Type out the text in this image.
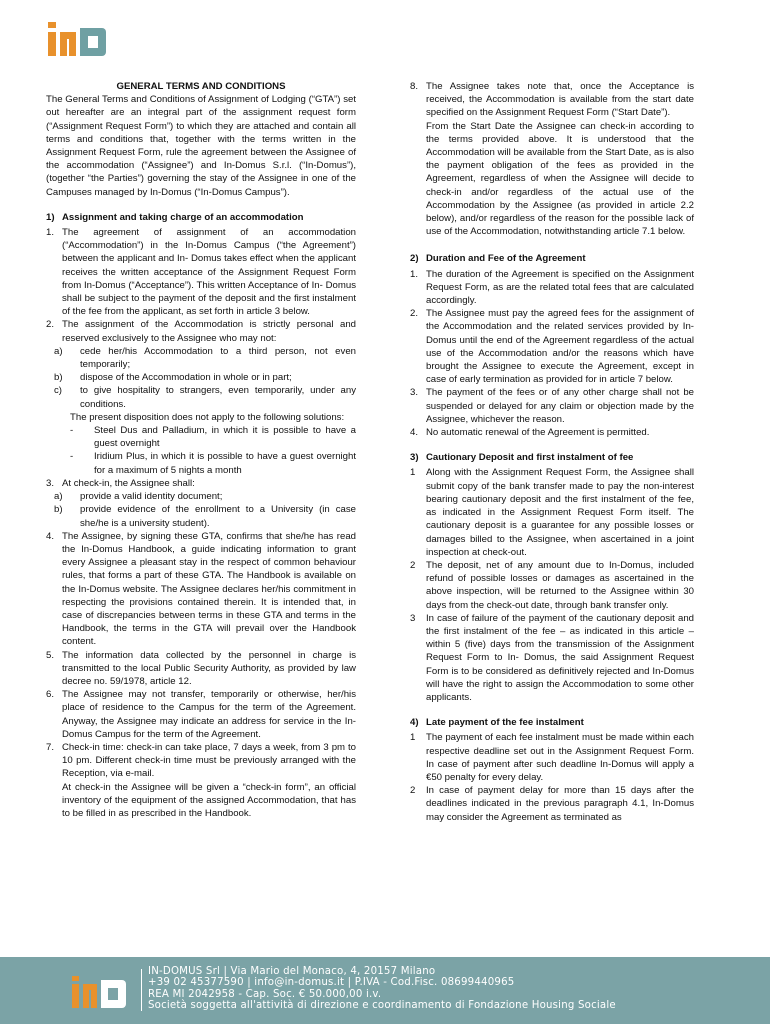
GENERAL TERMS AND CONDITIONS

The General Terms and Conditions of Assignment of Lodging (“GTA”) set out hereafter are an integral part of the assignment request form (“Assignment Request Form”) to which they are attached and contain all terms and conditions that, together with the terms written in the Assignment Request Form, rule the agreement between the Assignee of the accommodation (“Assignee”) and In-Domus S.r.l. (“In-Domus”), (together “the Parties”) governing the stay of the Assignee in one of the Campuses managed by In-Domus (“In-Domus Campus”).

1) Assignment and taking charge of an accommodation
1. The agreement of assignment of an accommodation (“Accommodation”) in the In-Domus Campus (“the Agreement”) between the applicant and In- Domus takes effect when the applicant receives the written acceptance of the Assignment Request Form from In-Domus (“Acceptance”). This written Acceptance of In- Domus shall be subject to the payment of the deposit and the first instalment of the fee from the applicant, as set forth in article 3 below.
2. The assignment of the Accommodation is strictly personal and reserved exclusively to the Assignee who may not:
a)	cede her/his Accommodation to a third person, not even temporarily;
b)	dispose of the Accommodation in whole or in part;
c)	to give hospitality to strangers, even temporarily, under any conditions.

The present disposition does not apply to the following solutions:

-	Steel Dus and Palladium, in which it is possible to have a guest overnight
-	Iridium Plus, in which it is possible to have a guest overnight for a maximum of 5 nights a month
3. At check-in, the Assignee shall:
a)	provide a valid identity document;
b)	provide evidence of the enrollment to a University (in case she/he is a university student).
4. The Assignee, by signing these GTA, confirms that she/he has read the In-Domus Handbook, a guide indicating information to grant every Assignee a pleasant stay in the respect of common behaviour rules, that forms a part of these GTA. The Handbook is available on the In-Domus website. The Assignee declares her/his commitment in respecting the provisions contained therein. It is intended that, in case of discrepancies between terms in these GTA and terms in the Handbook, the terms in the GTA will prevail over the Handbook content.
5. The information data collected by the personnel in charge is transmitted to the local Public Security Authority, as provided by law decree no. 59/1978, article 12.
6. The Assignee may not transfer, temporarily or otherwise, her/his place of residence to the Campus for the term of the Agreement. Anyway, the Assignee may indicate an address for service in the In-Domus Campus for the term of the Agreement.
7. Check-in time: check-in can take place, 7 days a week, from 3 pm to 10 pm. Different check-in time must be previously arranged with the Reception, via e-mail.
At check-in the Assignee will be given a “check-in form”, an official inventory of the equipment of the assigned Accommodation, that has to be filled in as prescribed in the Handbook.
8. The Assignee takes note that, once the Acceptance is received, the Accommodation is available from the start date specified on the Assignment Request Form (“Start Date”).
From the Start Date the Assignee can check-in according to the terms provided above. It is understood that the Accommodation will be available from the Start Date, as is also the payment obligation of the fees as provided in the Agreement, regardless of when the Assignee will decide to check-in and/or regardless of the actual use of the Accommodation by the Assignee (as provided in article 2.2 below), and/or regardless of the reason for the possible lack of use of the Accommodation, notwithstanding article 7.1 below.
2) Duration and Fee of the Agreement
1. The duration of the Agreement is specified on the Assignment Request Form, as are the related total fees that are calculated accordingly.
2. The Assignee must pay the agreed fees for the assignment of the Accommodation and the related services provided by In-Domus until the end of the Agreement regardless of the actual use of the Accommodation and/or the reasons which have brought the Assignee to execute the Agreement, except in case of early termination as provided for in article 7 below.
3. The payment of the fees or of any other charge shall not be suspended or delayed for any claim or objection made by the Assignee, whichever the reason.
4. No automatic renewal of the Agreement is permitted.
3) Cautionary Deposit and first instalment of fee
1	Along with the Assignment Request Form, the Assignee shall submit copy of the bank transfer made to pay the non-interest bearing cautionary deposit and the first instalment of the fee, as indicated in the Assignment Request Form itself. The cautionary deposit is a guarantee for any possible losses or damages billed to the Assignee, when ascertained in a joint inspection at check-out.
2	The deposit, net of any amount due to In-Domus, included refund of possible losses or damages as ascertained in the above inspection, will be returned to the Assignee within 30 days from the check-out date, through bank transfer only.
3	In case of failure of the payment of the cautionary deposit and the first instalment of the fee – as indicated in this article – within 5 (five) days from the transmission of the Assignment Request Form to In- Domus, the said Assignment Request Form is to be considered as definitively rejected and In-Domus will have the right to assign the Accommodation to some other applicants.
4) Late payment of the fee instalment
1	The payment of each fee instalment must be made within each respective deadline set out in the Assignment Request Form. In case of payment after such deadline In-Domus will apply a €50 penalty for every delay.
2	In case of payment delay for more than 15 days after the deadlines indicated in the previous paragraph 4.1, In-Domus may consider the Agreement as terminated as
IN-DOMUS Srl | Via Mario del Monaco, 4, 20157 Milano
+39 02 45377590 | info@in-domus.it | P.IVA - Cod.Fisc. 08699440965
REA MI 2042958 - Cap. Soc. € 50.000,00 i.v.
Società soggetta all'attività di direzione e coordinamento di Fondazione Housing Sociale
